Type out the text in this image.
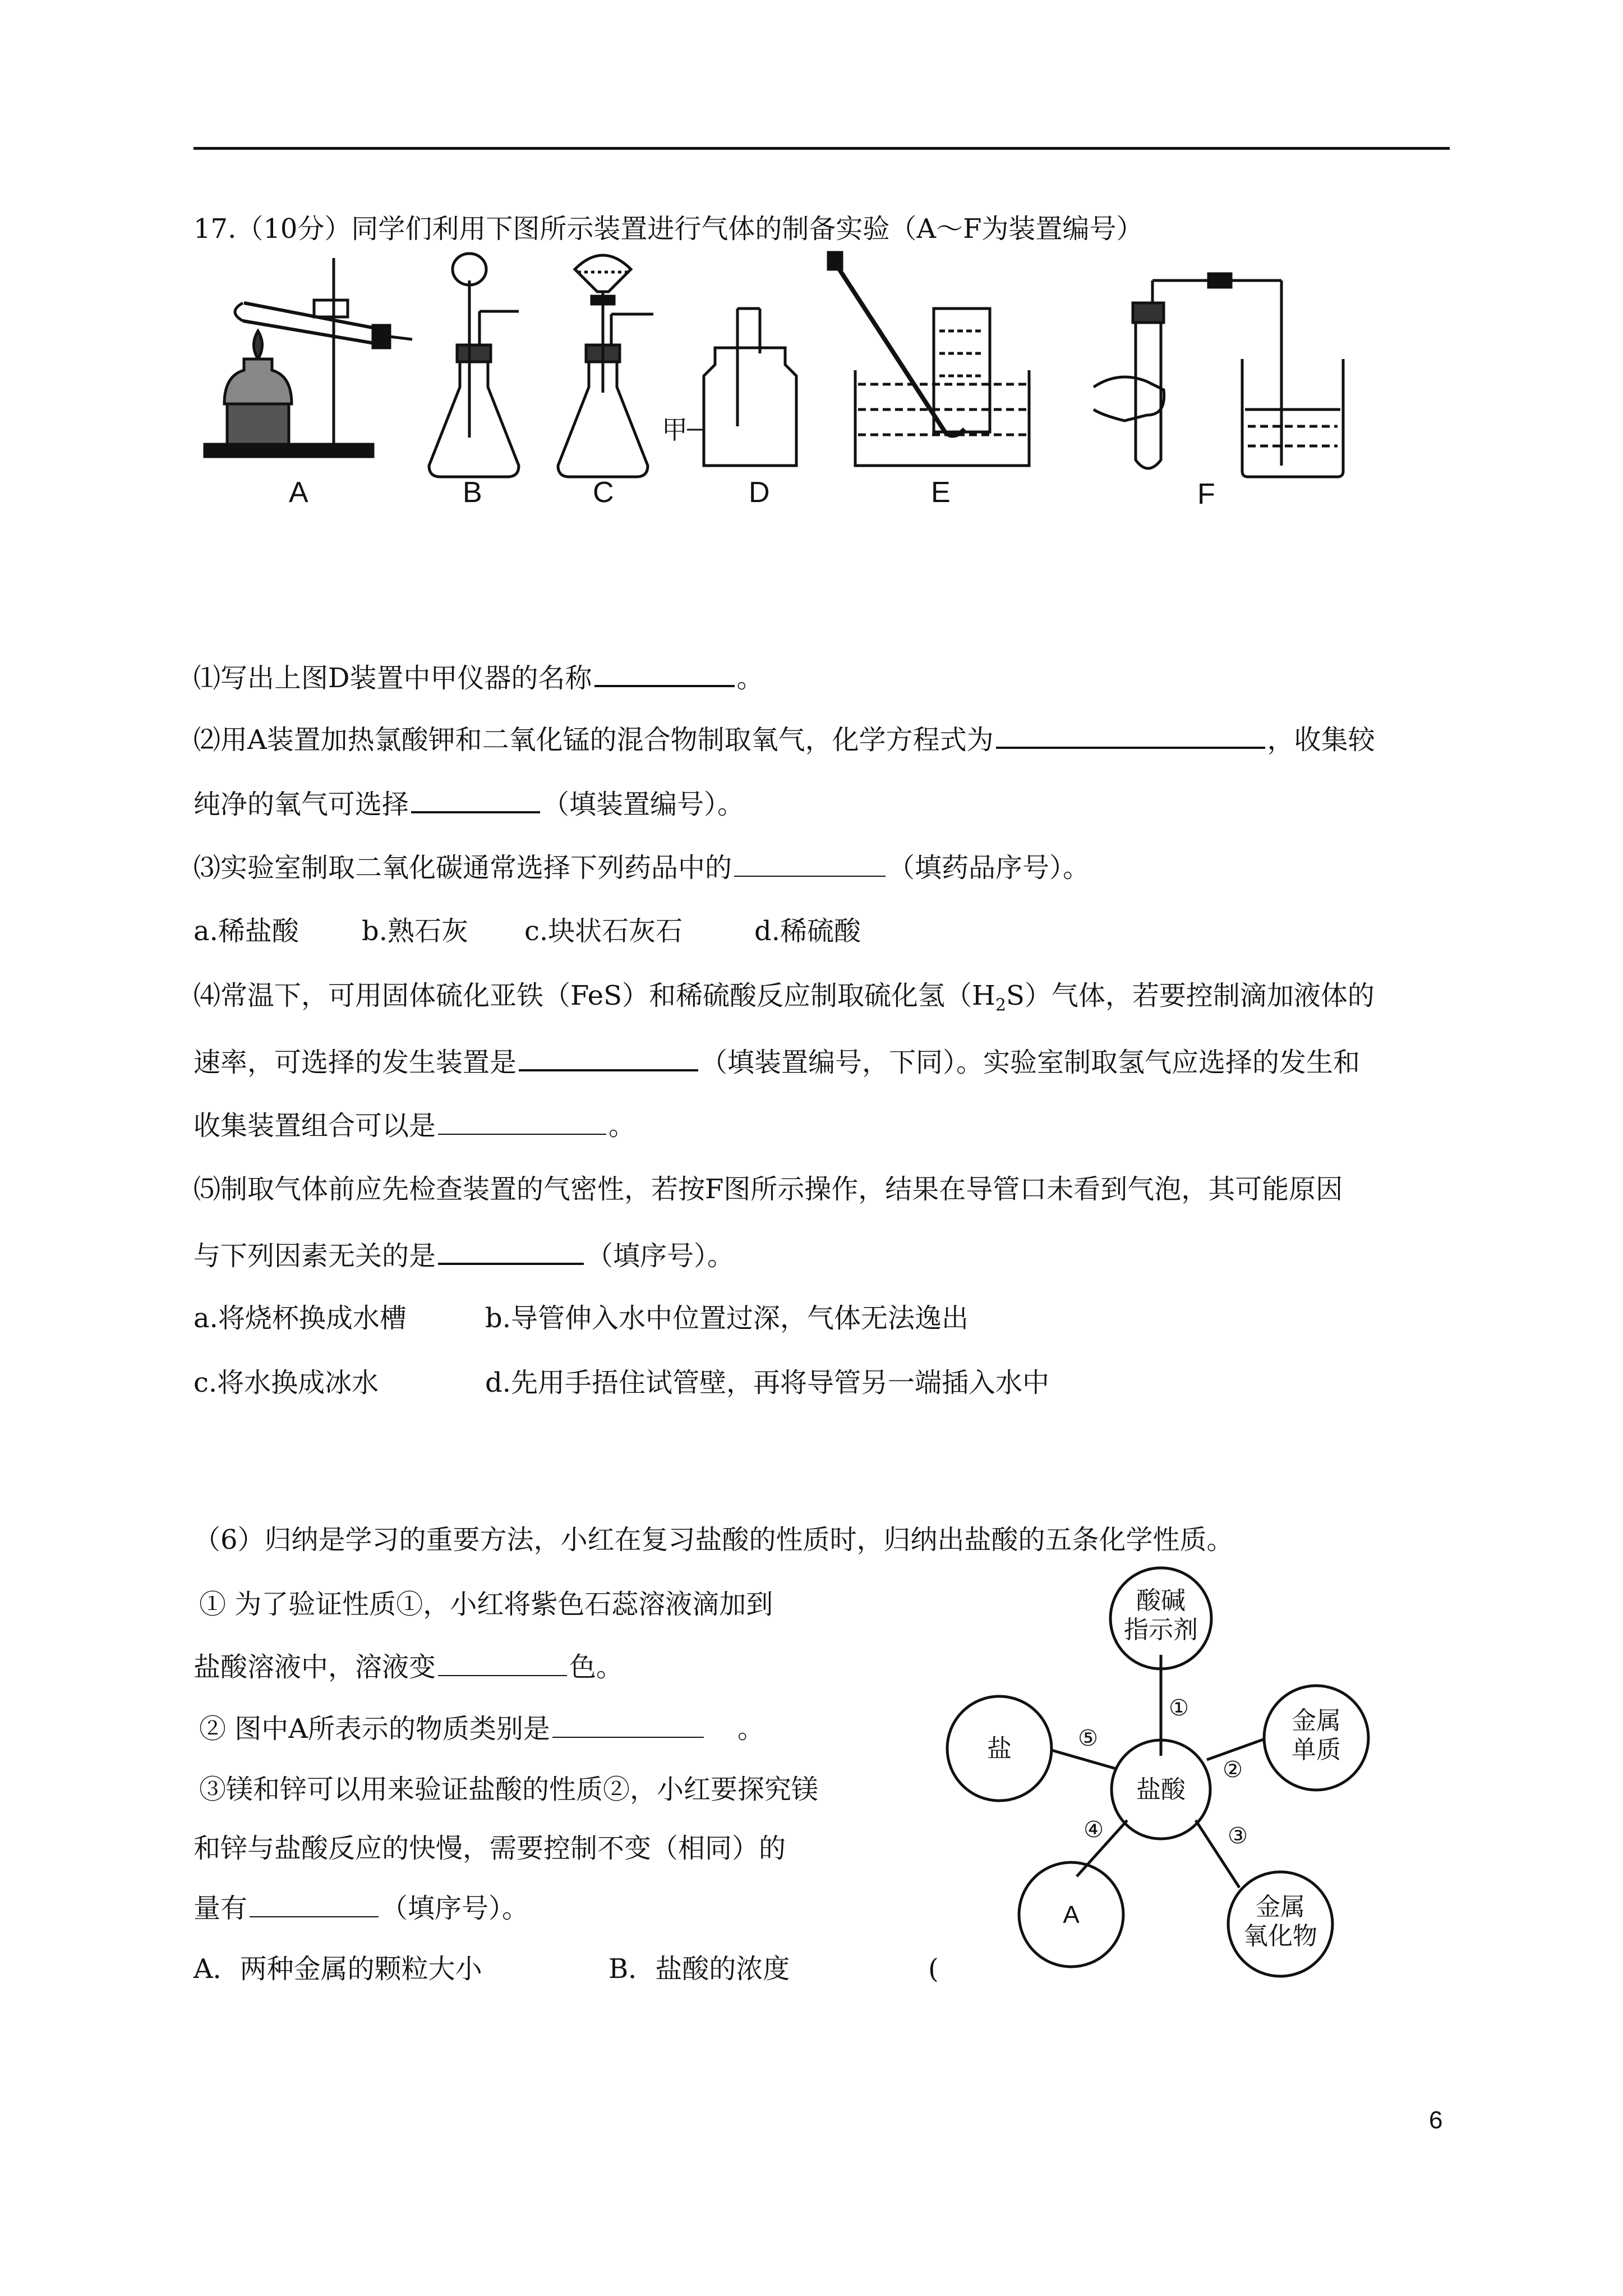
17.（10分）同学们利用下图所示装置进行气体的制备实验（A～F为装置编号）
A	B	C	D	E	F
甲
⑴写出上图D装置中甲仪器的名称	。
⑵用A装置加热氯酸钾和二氧化锰的混合物制取氧气，化学方程式为	，收集较
纯净的氧气可选择	（填装置编号）。
⑶实验室制取二氧化碳通常选择下列药品中的	（填药品序号）。
a.稀盐酸 b.熟石灰 c.块状石灰石	d.稀硫酸
⑷常温下，可用固体硫化亚铁（FeS）和稀硫酸反应制取硫化氢$(H_2S)$气体，若要控制滴加液体的
速率，可选择的发生装置是	（填装置编号，下同）。实验室制取氢气应选择的发生和
收集装置组合可以是	。
⑸制取气体前应先检查装置的气密性，若按F图所示操作，结果在导管口未看到气泡，其可能原因
与下列因素无关的是	（填序号）。
a.将烧杯换成水槽	b.导管伸入水中位置过深，气体无法逸出
c.将水换成冰水	d.先用手捂住试管壁，再将导管另一端插入水中
（6）归纳是学习的重要方法，小红在复习盐酸的性质时，归纳出盐酸的五条化学性质。
① 为了验证性质①，小红将紫色石蕊溶液滴加到
盐酸溶液中，溶液变	色。
② 图中A所表示的物质类别是	。
③镁和锌可以用来验证盐酸的性质②，小红要探究镁
和锌与盐酸反应的快慢，需要控制不变（相同）的
量有	（填序号）。
A．两种金属的颗粒大小	B．盐酸的浓度	(
酸碱
指示剂
盐酸
金属
单质
金属
氧化物
A
盐
①
②
③
④
⑤
6
